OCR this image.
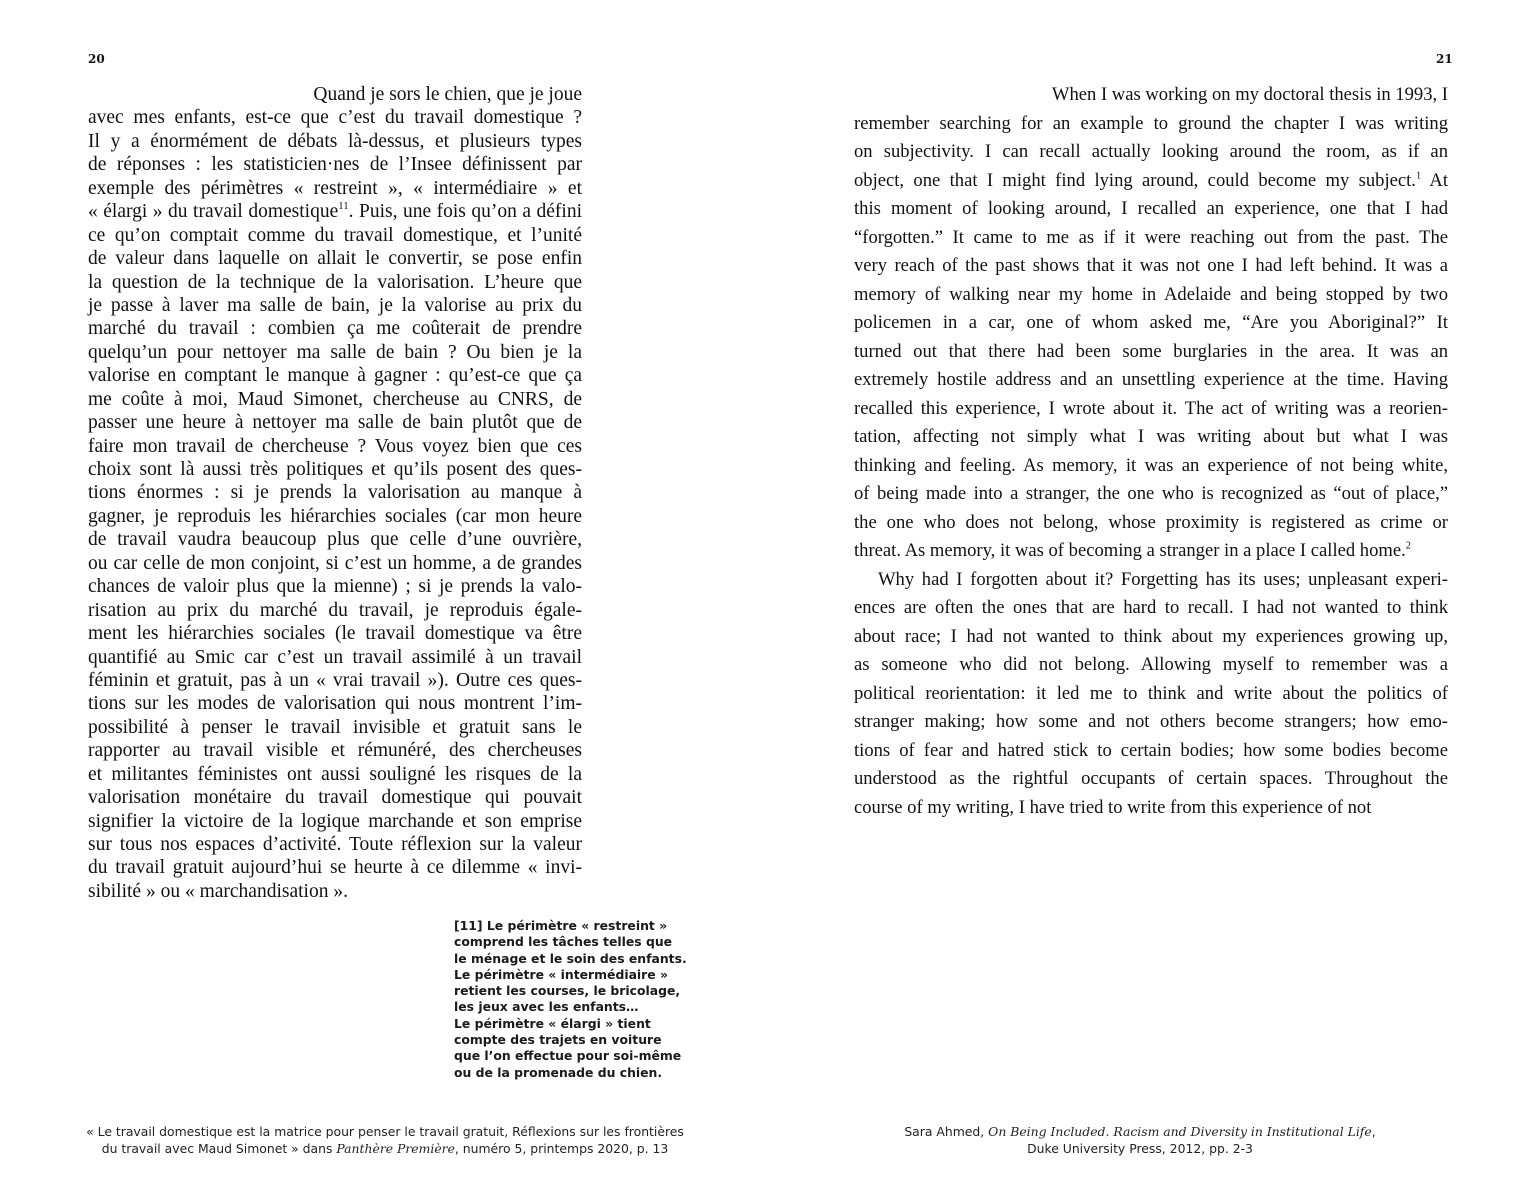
20
Quand je sors le chien, que je joue
avec mes enfants, est-ce que c’est du travail domestique ?
Il y a énormément de débats là-dessus, et plusieurs types
de réponses : les statisticien·nes de l’Insee définissent par
exemple des périmètres « restreint », « intermédiaire » et
« élargi » du travail domestique$^{11}$. Puis, une fois qu’on a défini
ce qu’on comptait comme du travail domestique, et l’unité
de valeur dans laquelle on allait le convertir, se pose enfin
la question de la technique de la valorisation. L’heure que
je passe à laver ma salle de bain, je la valorise au prix du
marché du travail : combien ça me coûterait de prendre
quelqu’un pour nettoyer ma salle de bain ? Ou bien je la
valorise en comptant le manque à gagner : qu’est-ce que ça
me coûte à moi, Maud Simonet, chercheuse au CNRS, de
passer une heure à nettoyer ma salle de bain plutôt que de
faire mon travail de chercheuse ? Vous voyez bien que ces
choix sont là aussi très politiques et qu’ils posent des ques-
tions énormes : si je prends la valorisation au manque à
gagner, je reproduis les hiérarchies sociales (car mon heure
de travail vaudra beaucoup plus que celle d’une ouvrière,
ou car celle de mon conjoint, si c’est un homme, a de grandes
chances de valoir plus que la mienne) ; si je prends la valo-
risation au prix du marché du travail, je reproduis égale-
ment les hiérarchies sociales (le travail domestique va être
quantifié au Smic car c’est un travail assimilé à un travail
féminin et gratuit, pas à un « vrai travail »). Outre ces ques-
tions sur les modes de valorisation qui nous montrent l’im-
possibilité à penser le travail invisible et gratuit sans le
rapporter au travail visible et rémunéré, des chercheuses
et militantes féministes ont aussi souligné les risques de la
valorisation monétaire du travail domestique qui pouvait
signifier la victoire de la logique marchande et son emprise
sur tous nos espaces d’activité. Toute réflexion sur la valeur
du travail gratuit aujourd’hui se heurte à ce dilemme « invi-
sibilité » ou « marchandisation ».
[11] Le périmètre « restreint »
comprend les tâches telles que
le ménage et le soin des enfants.
Le périmètre « intermédiaire »
retient les courses, le bricolage,
les jeux avec les enfants…
Le périmètre « élargi » tient
compte des trajets en voiture
que l’on effectue pour soi-même
ou de la promenade du chien.
« Le travail domestique est la matrice pour penser le travail gratuit, Réflexions sur les frontières
du travail avec Maud Simonet » dans Panthère Première, numéro 5, printemps 2020, p. 13
21
When I was working on my doctoral thesis in 1993, I
remember searching for an example to ground the chapter I was writing
on subjectivity. I can recall actually looking around the room, as if an
object, one that I might find lying around, could become my subject.$^1$ At
this moment of looking around, I recalled an experience, one that I had
“forgotten.” It came to me as if it were reaching out from the past. The
very reach of the past shows that it was not one I had left behind. It was a
memory of walking near my home in Adelaide and being stopped by two
policemen in a car, one of whom asked me, “Are you Aboriginal?” It
turned out that there had been some burglaries in the area. It was an
extremely hostile address and an unsettling experience at the time. Having
recalled this experience, I wrote about it. The act of writing was a reorien-
tation, affecting not simply what I was writing about but what I was
thinking and feeling. As memory, it was an experience of not being white,
of being made into a stranger, the one who is recognized as “out of place,”
the one who does not belong, whose proximity is registered as crime or
threat. As memory, it was of becoming a stranger in a place I called home.$^2$
Why had I forgotten about it? Forgetting has its uses; unpleasant experi-
ences are often the ones that are hard to recall. I had not wanted to think
about race; I had not wanted to think about my experiences growing up,
as someone who did not belong. Allowing myself to remember was a
political reorientation: it led me to think and write about the politics of
stranger making; how some and not others become strangers; how emo-
tions of fear and hatred stick to certain bodies; how some bodies become
understood as the rightful occupants of certain spaces. Throughout the
course of my writing, I have tried to write from this experience of not
Sara Ahmed, On Being Included. Racism and Diversity in Institutional Life,
Duke University Press, 2012, pp. 2-3
